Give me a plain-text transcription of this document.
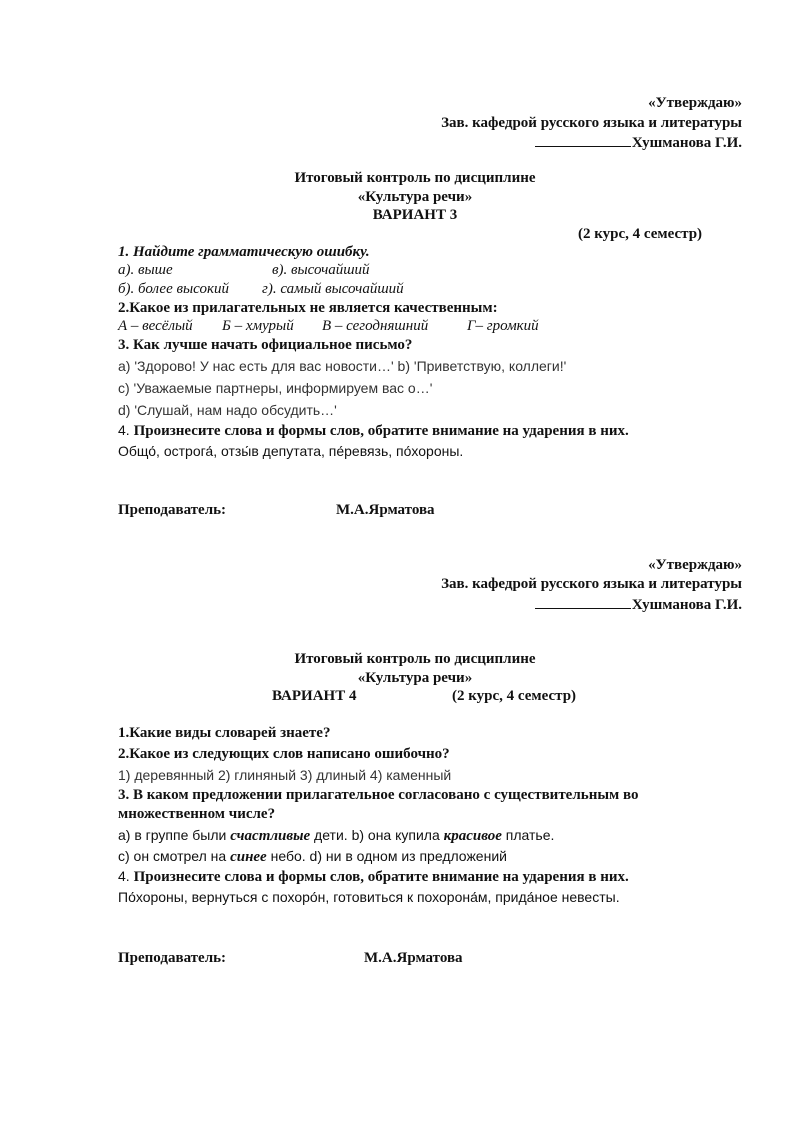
«Утверждаю»
Зав. кафедрой русского языка и литературы
Хушманова Г.И.
Итоговый контроль по дисциплине
«Культура речи»
ВАРИАНТ 3
(2 курс, 4 семестр)
1. Найдите грамматическую ошибку.
а). выше	в). высочайший
б). более высокий г). самый высочайший
2.Какое из прилагательных не является качественным:
А – весёлый Б – хмурый В – сегодняшний	Г– громкий
3. Как лучше начать официальное письмо?
a) 'Здорово! У нас есть для вас новости…' b) 'Приветствую, коллеги!'
c) 'Уважаемые партнеры, информируем вас о…'
d) 'Слушай, нам надо обсудить…'
4. Произнесите слова и формы слов, обратите внимание на ударения в них.
Общо́, острога́, отзы́в депутата, пе́ревязь, по́хороны.
Преподаватель:	М.А.Ярматова
«Утверждаю»
Зав. кафедрой русского языка и литературы
Хушманова Г.И.
Итоговый контроль по дисциплине
«Культура речи»
ВАРИАНТ 4	(2 курс, 4 семестр)
1.Какие виды словарей знаете?
2.Какое из следующих слов написано ошибочно?
1) деревянный 2) глиняный 3) длиный 4) каменный
3. В каком предложении прилагательное согласовано с существительным во
множественном числе?
a) в группе были счастливые дети. b) она купила красивое платье.
c) он смотрел на синее небо. d) ни в одном из предложений
4. Произнесите слова и формы слов, обратите внимание на ударения в них.
По́хороны, вернуться с похоро́н, готовиться к похорона́м, прида́ное невесты.
Преподаватель:	М.А.Ярматова
